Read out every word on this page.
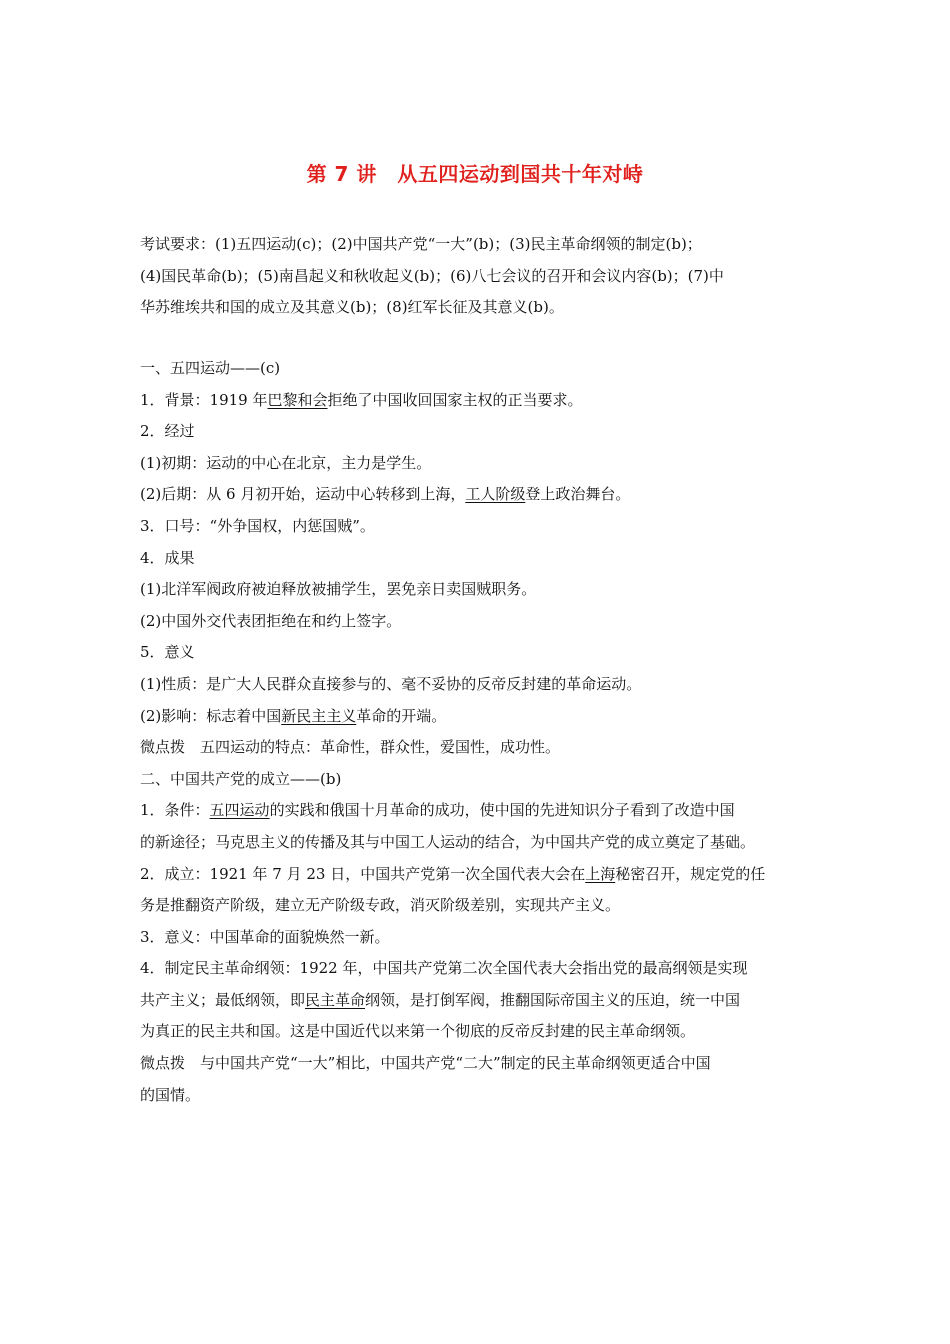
第 7 讲　从五四运动到国共十年对峙
考试要求：(1)五四运动(c)；(2)中国共产党“一大”(b)；(3)民主革命纲领的制定(b)；
(4)国民革命(b)；(5)南昌起义和秋收起义(b)；(6)八七会议的召开和会议内容(b)；(7)中
华苏维埃共和国的成立及其意义(b)；(8)红军长征及其意义(b)。
一、五四运动——(c)
1．背景：1919 年巴黎和会拒绝了中国收回国家主权的正当要求。
2．经过
(1)初期：运动的中心在北京，主力是学生。
(2)后期：从 6 月初开始，运动中心转移到上海，工人阶级登上政治舞台。
3．口号：“外争国权，内惩国贼”。
4．成果
(1)北洋军阀政府被迫释放被捕学生，罢免亲日卖国贼职务。
(2)中国外交代表团拒绝在和约上签字。
5．意义
(1)性质：是广大人民群众直接参与的、毫不妥协的反帝反封建的革命运动。
(2)影响：标志着中国新民主主义革命的开端。
微点拨　五四运动的特点：革命性，群众性，爱国性，成功性。
二、中国共产党的成立——(b)
1．条件：五四运动的实践和俄国十月革命的成功，使中国的先进知识分子看到了改造中国
的新途径；马克思主义的传播及其与中国工人运动的结合，为中国共产党的成立奠定了基础。
2．成立：1921 年 7 月 23 日，中国共产党第一次全国代表大会在上海秘密召开，规定党的任
务是推翻资产阶级，建立无产阶级专政，消灭阶级差别，实现共产主义。
3．意义：中国革命的面貌焕然一新。
4．制定民主革命纲领：1922 年，中国共产党第二次全国代表大会指出党的最高纲领是实现
共产主义；最低纲领，即民主革命纲领，是打倒军阀，推翻国际帝国主义的压迫，统一中国
为真正的民主共和国。这是中国近代以来第一个彻底的反帝反封建的民主革命纲领。
微点拨　与中国共产党“一大”相比，中国共产党“二大”制定的民主革命纲领更适合中国
的国情。
